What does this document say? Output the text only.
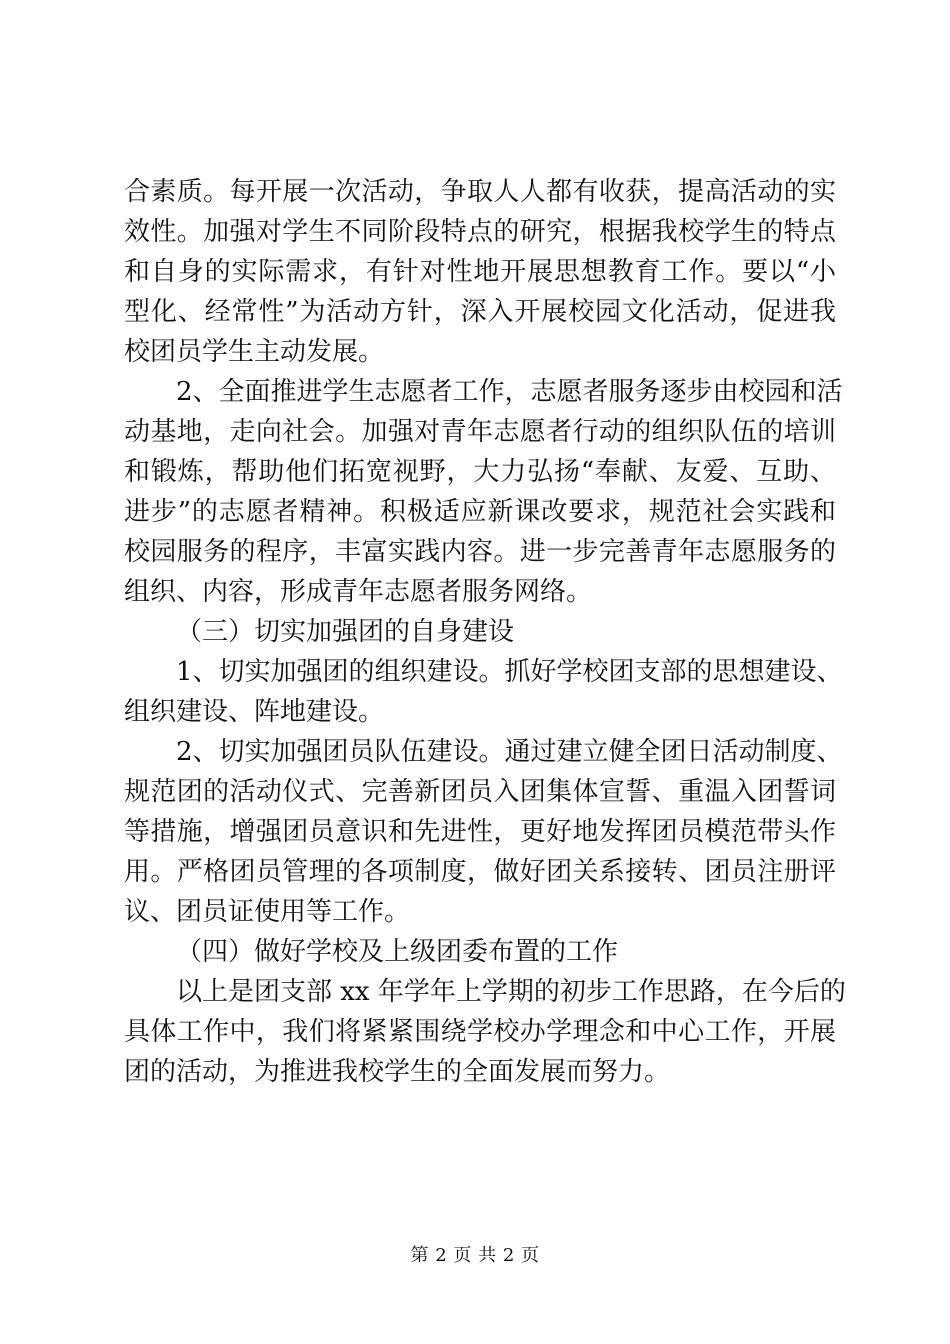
合素质。每开展一次活动，争取人人都有收获，提高活动的实
效性。加强对学生不同阶段特点的研究，根据我校学生的特点
和自身的实际需求，有针对性地开展思想教育工作。要以“小
型化、经常性”为活动方针，深入开展校园文化活动，促进我
校团员学生主动发展。
2、全面推进学生志愿者工作，志愿者服务逐步由校园和活
动基地，走向社会。加强对青年志愿者行动的组织队伍的培训
和锻炼，帮助他们拓宽视野，大力弘扬“奉献、友爱、互助、
进步”的志愿者精神。积极适应新课改要求，规范社会实践和
校园服务的程序，丰富实践内容。进一步完善青年志愿服务的
组织、内容，形成青年志愿者服务网络。
（三）切实加强团的自身建设
1、切实加强团的组织建设。抓好学校团支部的思想建设、
组织建设、阵地建设。
2、切实加强团员队伍建设。通过建立健全团日活动制度、
规范团的活动仪式、完善新团员入团集体宣誓、重温入团誓词
等措施，增强团员意识和先进性，更好地发挥团员模范带头作
用。严格团员管理的各项制度，做好团关系接转、团员注册评
议、团员证使用等工作。
（四）做好学校及上级团委布置的工作
以上是团支部 xx 年学年上学期的初步工作思路，在今后的
具体工作中，我们将紧紧围绕学校办学理念和中心工作，开展
团的活动，为推进我校学生的全面发展而努力。
第 2 页 共 2 页
